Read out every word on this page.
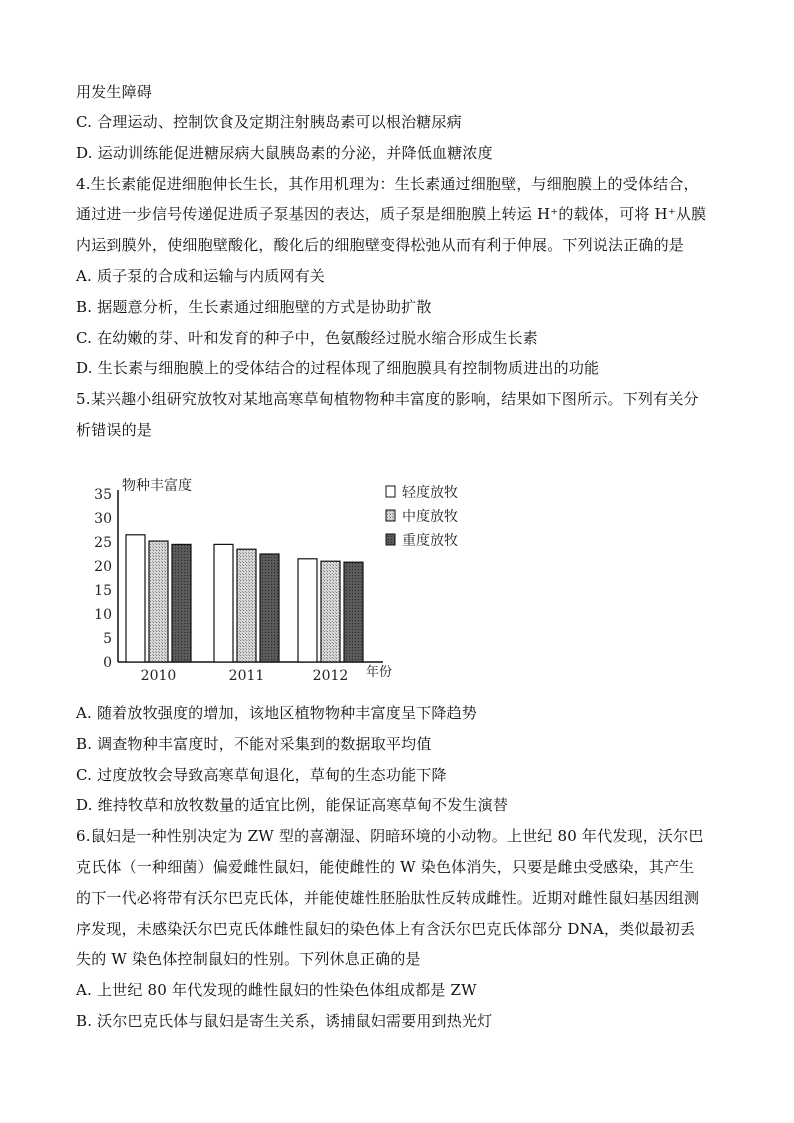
用发生障碍
C. 合理运动、控制饮食及定期注射胰岛素可以根治糖尿病
D. 运动训练能促进糖尿病大鼠胰岛素的分泌，并降低血糖浓度
4.生长素能促进细胞伸长生长，其作用机理为：生长素通过细胞壁，与细胞膜上的受体结合，
通过进一步信号传递促进质子泵基因的表达，质子泵是细胞膜上转运 H⁺的载体，可将 H⁺从膜
内运到膜外，使细胞壁酸化，酸化后的细胞壁变得松弛从而有利于伸展。下列说法正确的是
A. 质子泵的合成和运输与内质网有关
B. 据题意分析，生长素通过细胞壁的方式是协助扩散
C. 在幼嫩的芽、叶和发育的种子中，色氨酸经过脱水缩合形成生长素
D. 生长素与细胞膜上的受体结合的过程体现了细胞膜具有控制物质进出的功能
5.某兴趣小组研究放牧对某地高寒草甸植物物种丰富度的影响，结果如下图所示。下列有关分
析错误的是
A. 随着放牧强度的增加，该地区植物物种丰富度呈下降趋势
B. 调查物种丰富度时，不能对采集到的数据取平均值
C. 过度放牧会导致高寒草甸退化，草甸的生态功能下降
D. 维持牧草和放牧数量的适宜比例，能保证高寒草甸不发生演替
6.鼠妇是一种性别决定为 ZW 型的喜潮湿、阴暗环境的小动物。上世纪 80 年代发现，沃尔巴
克氏体（一种细菌）偏爱雌性鼠妇，能使雌性的 W 染色体消失，只要是雌虫受感染，其产生
的下一代必将带有沃尔巴克氏体，并能使雄性胚胎肽性反转成雌性。近期对雌性鼠妇基因组测
序发现，未感染沃尔巴克氏体雌性鼠妇的染色体上有含沃尔巴克氏体部分 DNA，类似最初丢
失的 W 染色体控制鼠妇的性别。下列休息正确的是
A. 上世纪 80 年代发现的雌性鼠妇的性染色体组成都是 ZW
B. 沃尔巴克氏体与鼠妇是寄生关系，诱捕鼠妇需要用到热光灯
物种丰富度
年份
0
5
10
15
20
25
30
35
2010	2011	2012
轻度放牧
中度放牧
重度放牧
